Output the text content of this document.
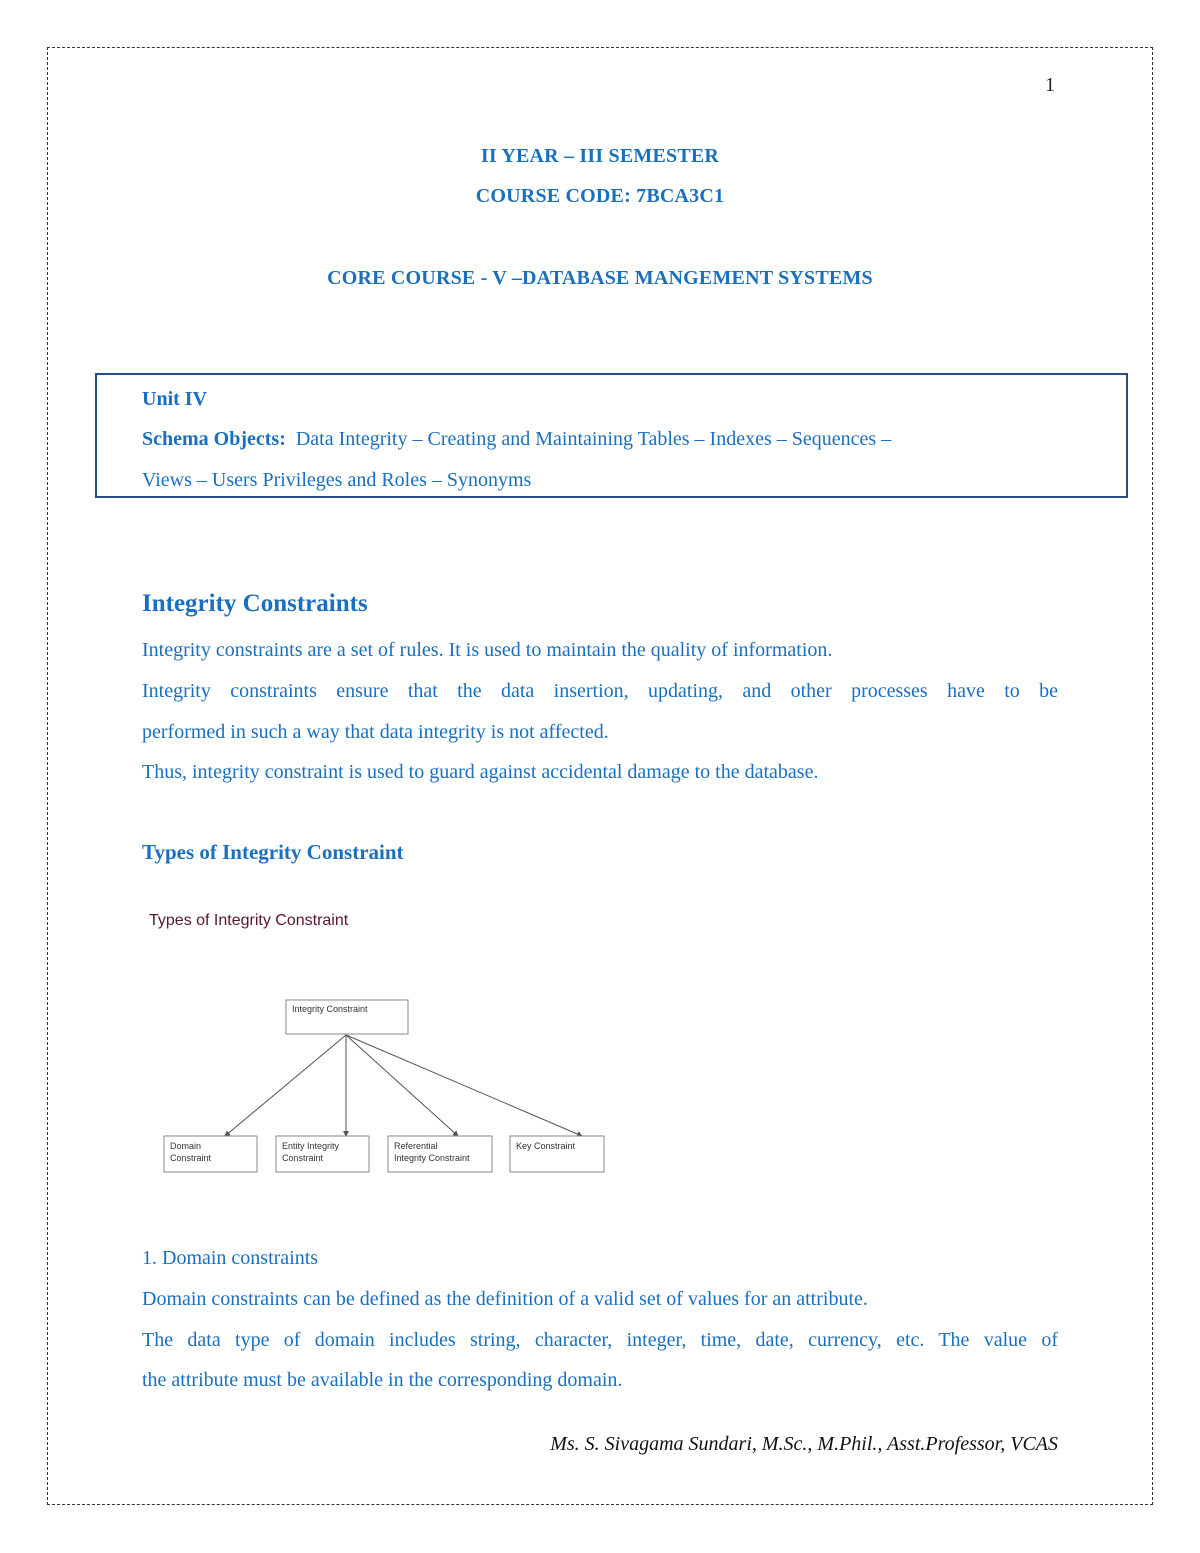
1
II YEAR – III SEMESTER
COURSE CODE: 7BCA3C1
CORE COURSE - V –DATABASE MANGEMENT SYSTEMS
Unit IV
Schema Objects: Data Integrity – Creating and Maintaining Tables – Indexes – Sequences –
Views – Users Privileges and Roles – Synonyms
Integrity Constraints
Integrity constraints are a set of rules. It is used to maintain the quality of information.
Integrity constraints ensure that the data insertion, updating, and other processes have to be
performed in such a way that data integrity is not affected.
Thus, integrity constraint is used to guard against accidental damage to the database.
Types of Integrity Constraint
Types of Integrity Constraint
Integrity Constraint
Domain
Constraint
Entity Integrity
Constraint
Referential
Integrity Constraint
Key Constraint
1. Domain constraints
Domain constraints can be defined as the definition of a valid set of values for an attribute.
The data type of domain includes string, character, integer, time, date, currency, etc. The value of
the attribute must be available in the corresponding domain.
Ms. S. Sivagama Sundari, M.Sc., M.Phil., Asst.Professor, VCAS
